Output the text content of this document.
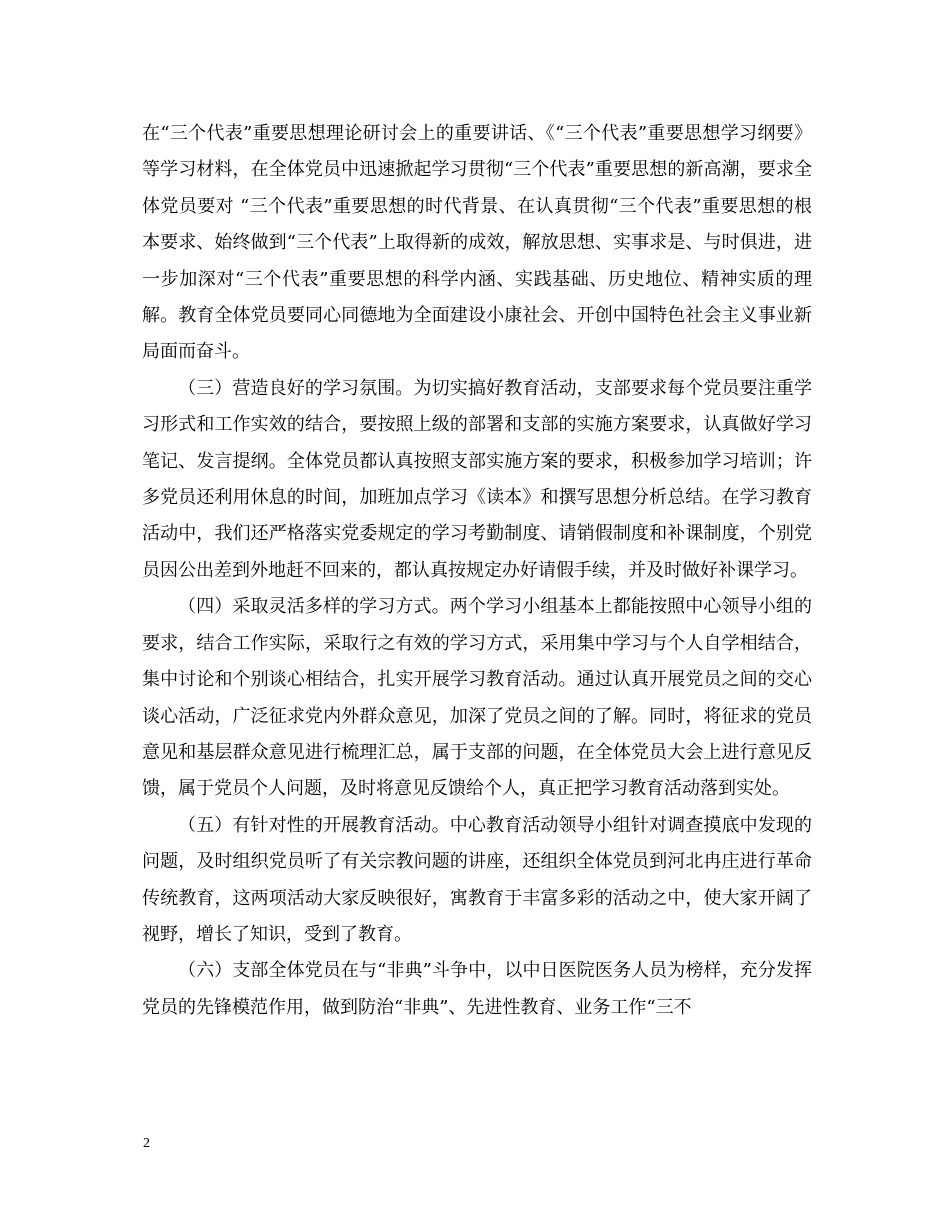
在“三个代表”重要思想理论研讨会上的重要讲话、《“三个代表”重要思想学习纲要》等学习材料，在全体党员中迅速掀起学习贯彻“三个代表”重要思想的新高潮，要求全体党员要对 “三个代表”重要思想的时代背景、在认真贯彻“三个代表”重要思想的根本要求、始终做到“三个代表”上取得新的成效，解放思想、实事求是、与时俱进，进一步加深对“三个代表”重要思想的科学内涵、实践基础、历史地位、精神实质的理解。教育全体党员要同心同德地为全面建设小康社会、开创中国特色社会主义事业新局面而奋斗。

（三）营造良好的学习氛围。为切实搞好教育活动，支部要求每个党员要注重学习形式和工作实效的结合，要按照上级的部署和支部的实施方案要求，认真做好学习笔记、发言提纲。全体党员都认真按照支部实施方案的要求，积极参加学习培训；许多党员还利用休息的时间，加班加点学习《读本》和撰写思想分析总结。在学习教育活动中，我们还严格落实党委规定的学习考勤制度、请销假制度和补课制度，个别党员因公出差到外地赶不回来的，都认真按规定办好请假手续，并及时做好补课学习。

（四）采取灵活多样的学习方式。两个学习小组基本上都能按照中心领导小组的要求，结合工作实际，采取行之有效的学习方式，采用集中学习与个人自学相结合，集中讨论和个别谈心相结合，扎实开展学习教育活动。通过认真开展党员之间的交心谈心活动，广泛征求党内外群众意见，加深了党员之间的了解。同时，将征求的党员意见和基层群众意见进行梳理汇总，属于支部的问题，在全体党员大会上进行意见反馈，属于党员个人问题，及时将意见反馈给个人，真正把学习教育活动落到实处。

（五）有针对性的开展教育活动。中心教育活动领导小组针对调查摸底中发现的问题，及时组织党员听了有关宗教问题的讲座，还组织全体党员到河北冉庄进行革命传统教育，这两项活动大家反映很好，寓教育于丰富多彩的活动之中，使大家开阔了视野，增长了知识，受到了教育。

（六）支部全体党员在与“非典”斗争中，以中日医院医务人员为榜样，充分发挥党员的先锋模范作用，做到防治“非典”、先进性教育、业务工作“三不

2
